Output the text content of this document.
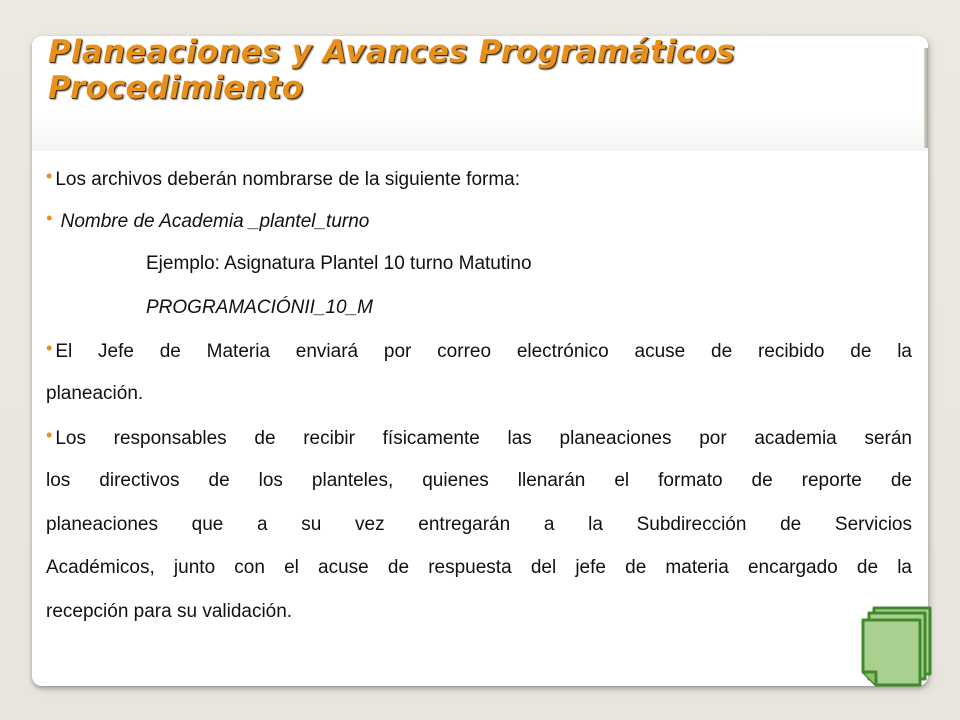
Planeaciones y Avances Programáticos
Procedimiento
• Los archivos deberán nombrarse de la siguiente forma:
• Nombre de Academia _plantel_turno
Ejemplo: Asignatura Plantel 10 turno Matutino
PROGRAMACIÓNII_10_M
• El Jefe de Materia enviará por correo electrónico acuse de recibido de la
planeación.
• Los responsables de recibir físicamente las planeaciones por academia serán
los directivos de los planteles, quienes llenarán el formato de reporte de
planeaciones que a su vez entregarán a la Subdirección de Servicios
Académicos, junto con el acuse de respuesta del jefe de materia encargado de la
recepción para su validación.
